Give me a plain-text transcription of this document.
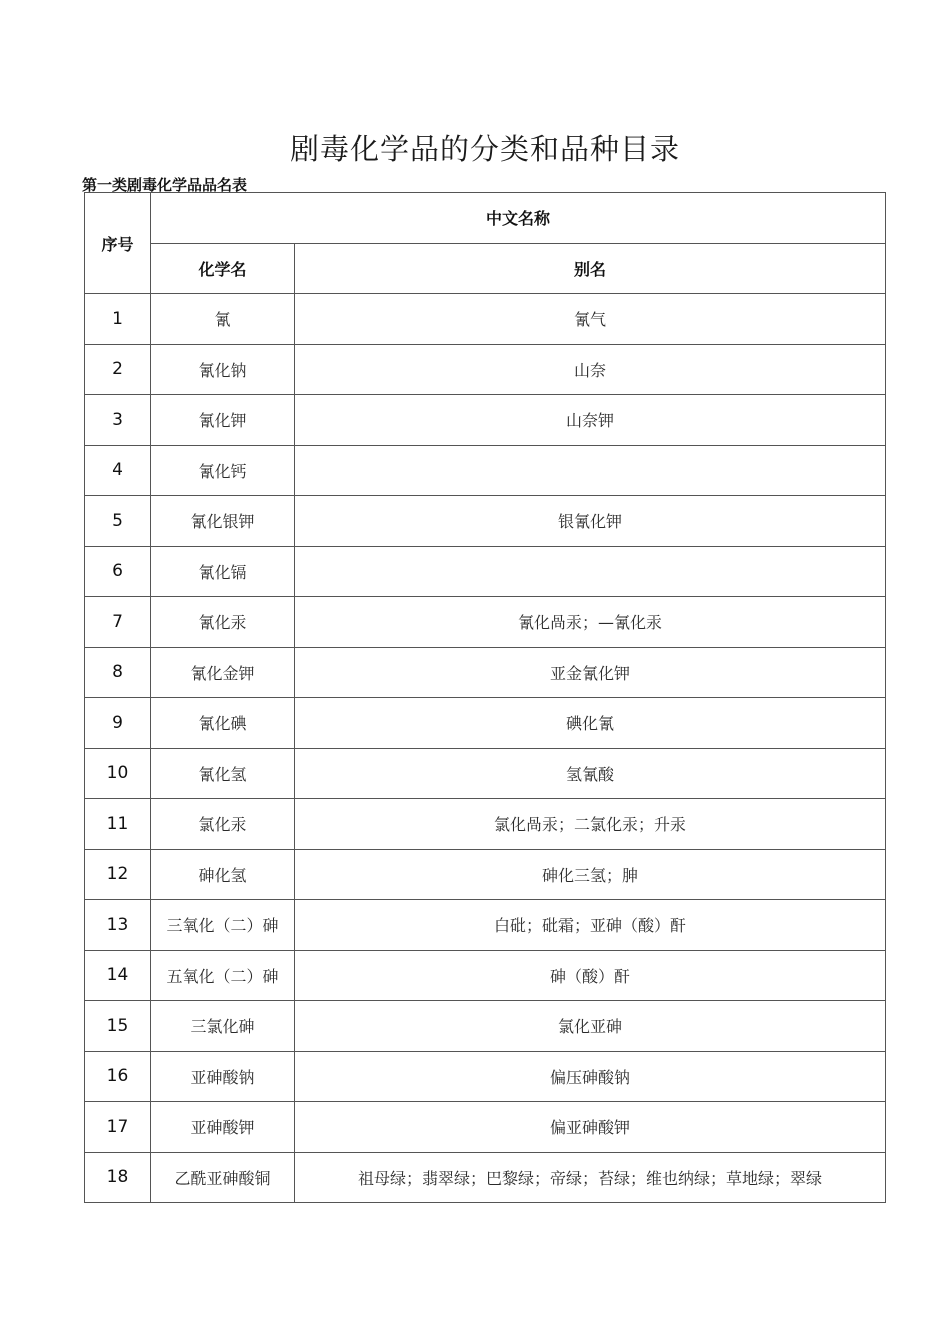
剧毒化学品的分类和品种目录
第一类剧毒化学品品名表
序号	中文名称	
	化学名	别名
1	氰	氰气
2	氰化钠	山奈
3	氰化钾	山奈钾
4	氰化钙	
5	氰化银钾	银氰化钾
6	氰化镉	
7	氰化汞	氰化咼汞；—氰化汞
8	氰化金钾	亚金氰化钾
9	氰化碘	碘化氰
10	氰化氢	氢氰酸
11	氯化汞	氯化咼汞；二氯化汞；升汞
12	砷化氢	砷化三氢；胂
13	三氧化（二）砷	白砒；砒霜；亚砷（酸）酐
14	五氧化（二）砷	砷（酸）酐
15	三氯化砷	氯化亚砷
16	亚砷酸钠	偏压砷酸钠
17	亚砷酸钾	偏亚砷酸钾
18	乙酰亚砷酸铜	祖母绿；翡翠绿；巴黎绿；帝绿；苔绿；维也纳绿；草地绿；翠绿
